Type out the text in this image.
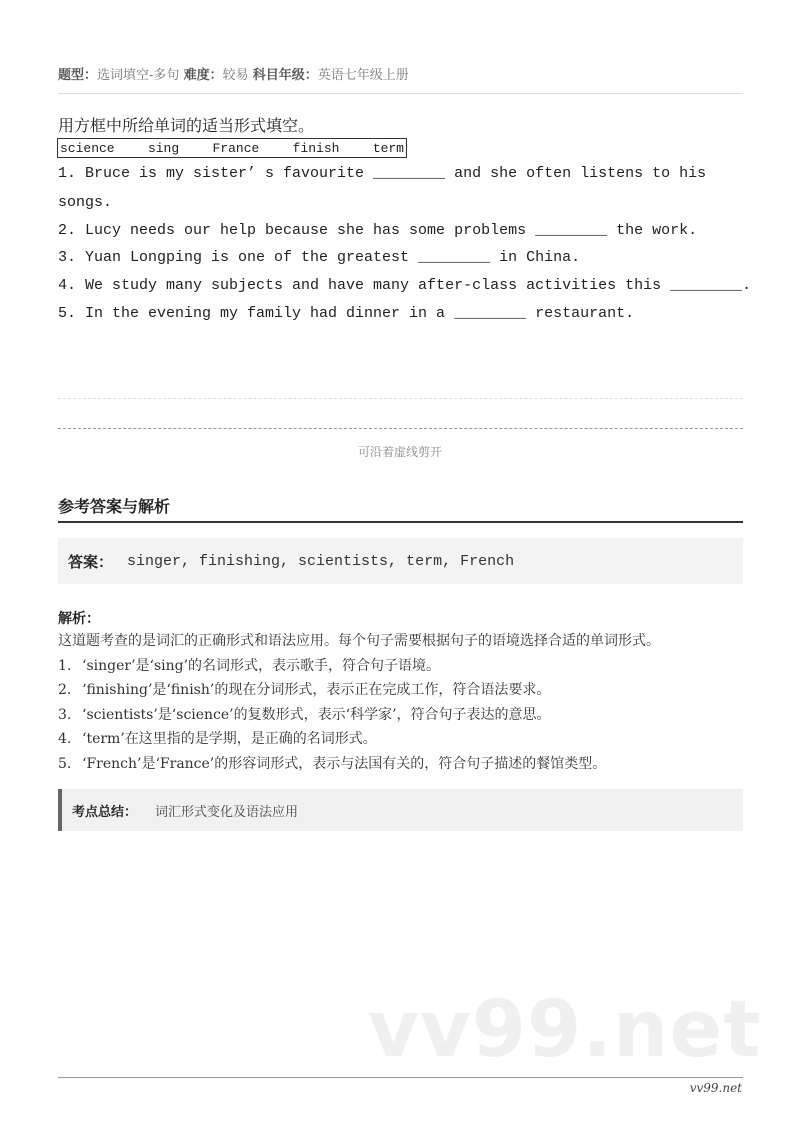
题型：选词填空-多句 难度：较易 科目年级：英语七年级上册
用方框中所给单词的适当形式填空。
science	sing	France	finish	term
1. Bruce is my sister’ s favourite ________ and she often listens to his
songs.
2. Lucy needs our help because she has some problems ________ the work.
3. Yuan Longping is one of the greatest ________ in China.
4. We study many subjects and have many after-class activities this ________.
5. In the evening my family had dinner in a ________ restaurant.
可沿着虚线剪开
参考答案与解析
答案： singer, finishing, scientists, term, French
解析：
这道题考查的是词汇的正确形式和语法应用。每个句子需要根据句子的语境选择合适的单词形式。
1. ‘singer’是‘sing’的名词形式，表示歌手，符合句子语境。
2. ‘finishing’是‘finish’的现在分词形式，表示正在完成工作，符合语法要求。
3. ‘scientists’是‘science’的复数形式，表示‘科学家’，符合句子表达的意思。
4. ‘term’在这里指的是学期，是正确的名词形式。
5. ‘French’是‘France’的形容词形式，表示与法国有关的，符合句子描述的餐馆类型。
考点总结： 词汇形式变化及语法应用
vv99.net
vv99.net
